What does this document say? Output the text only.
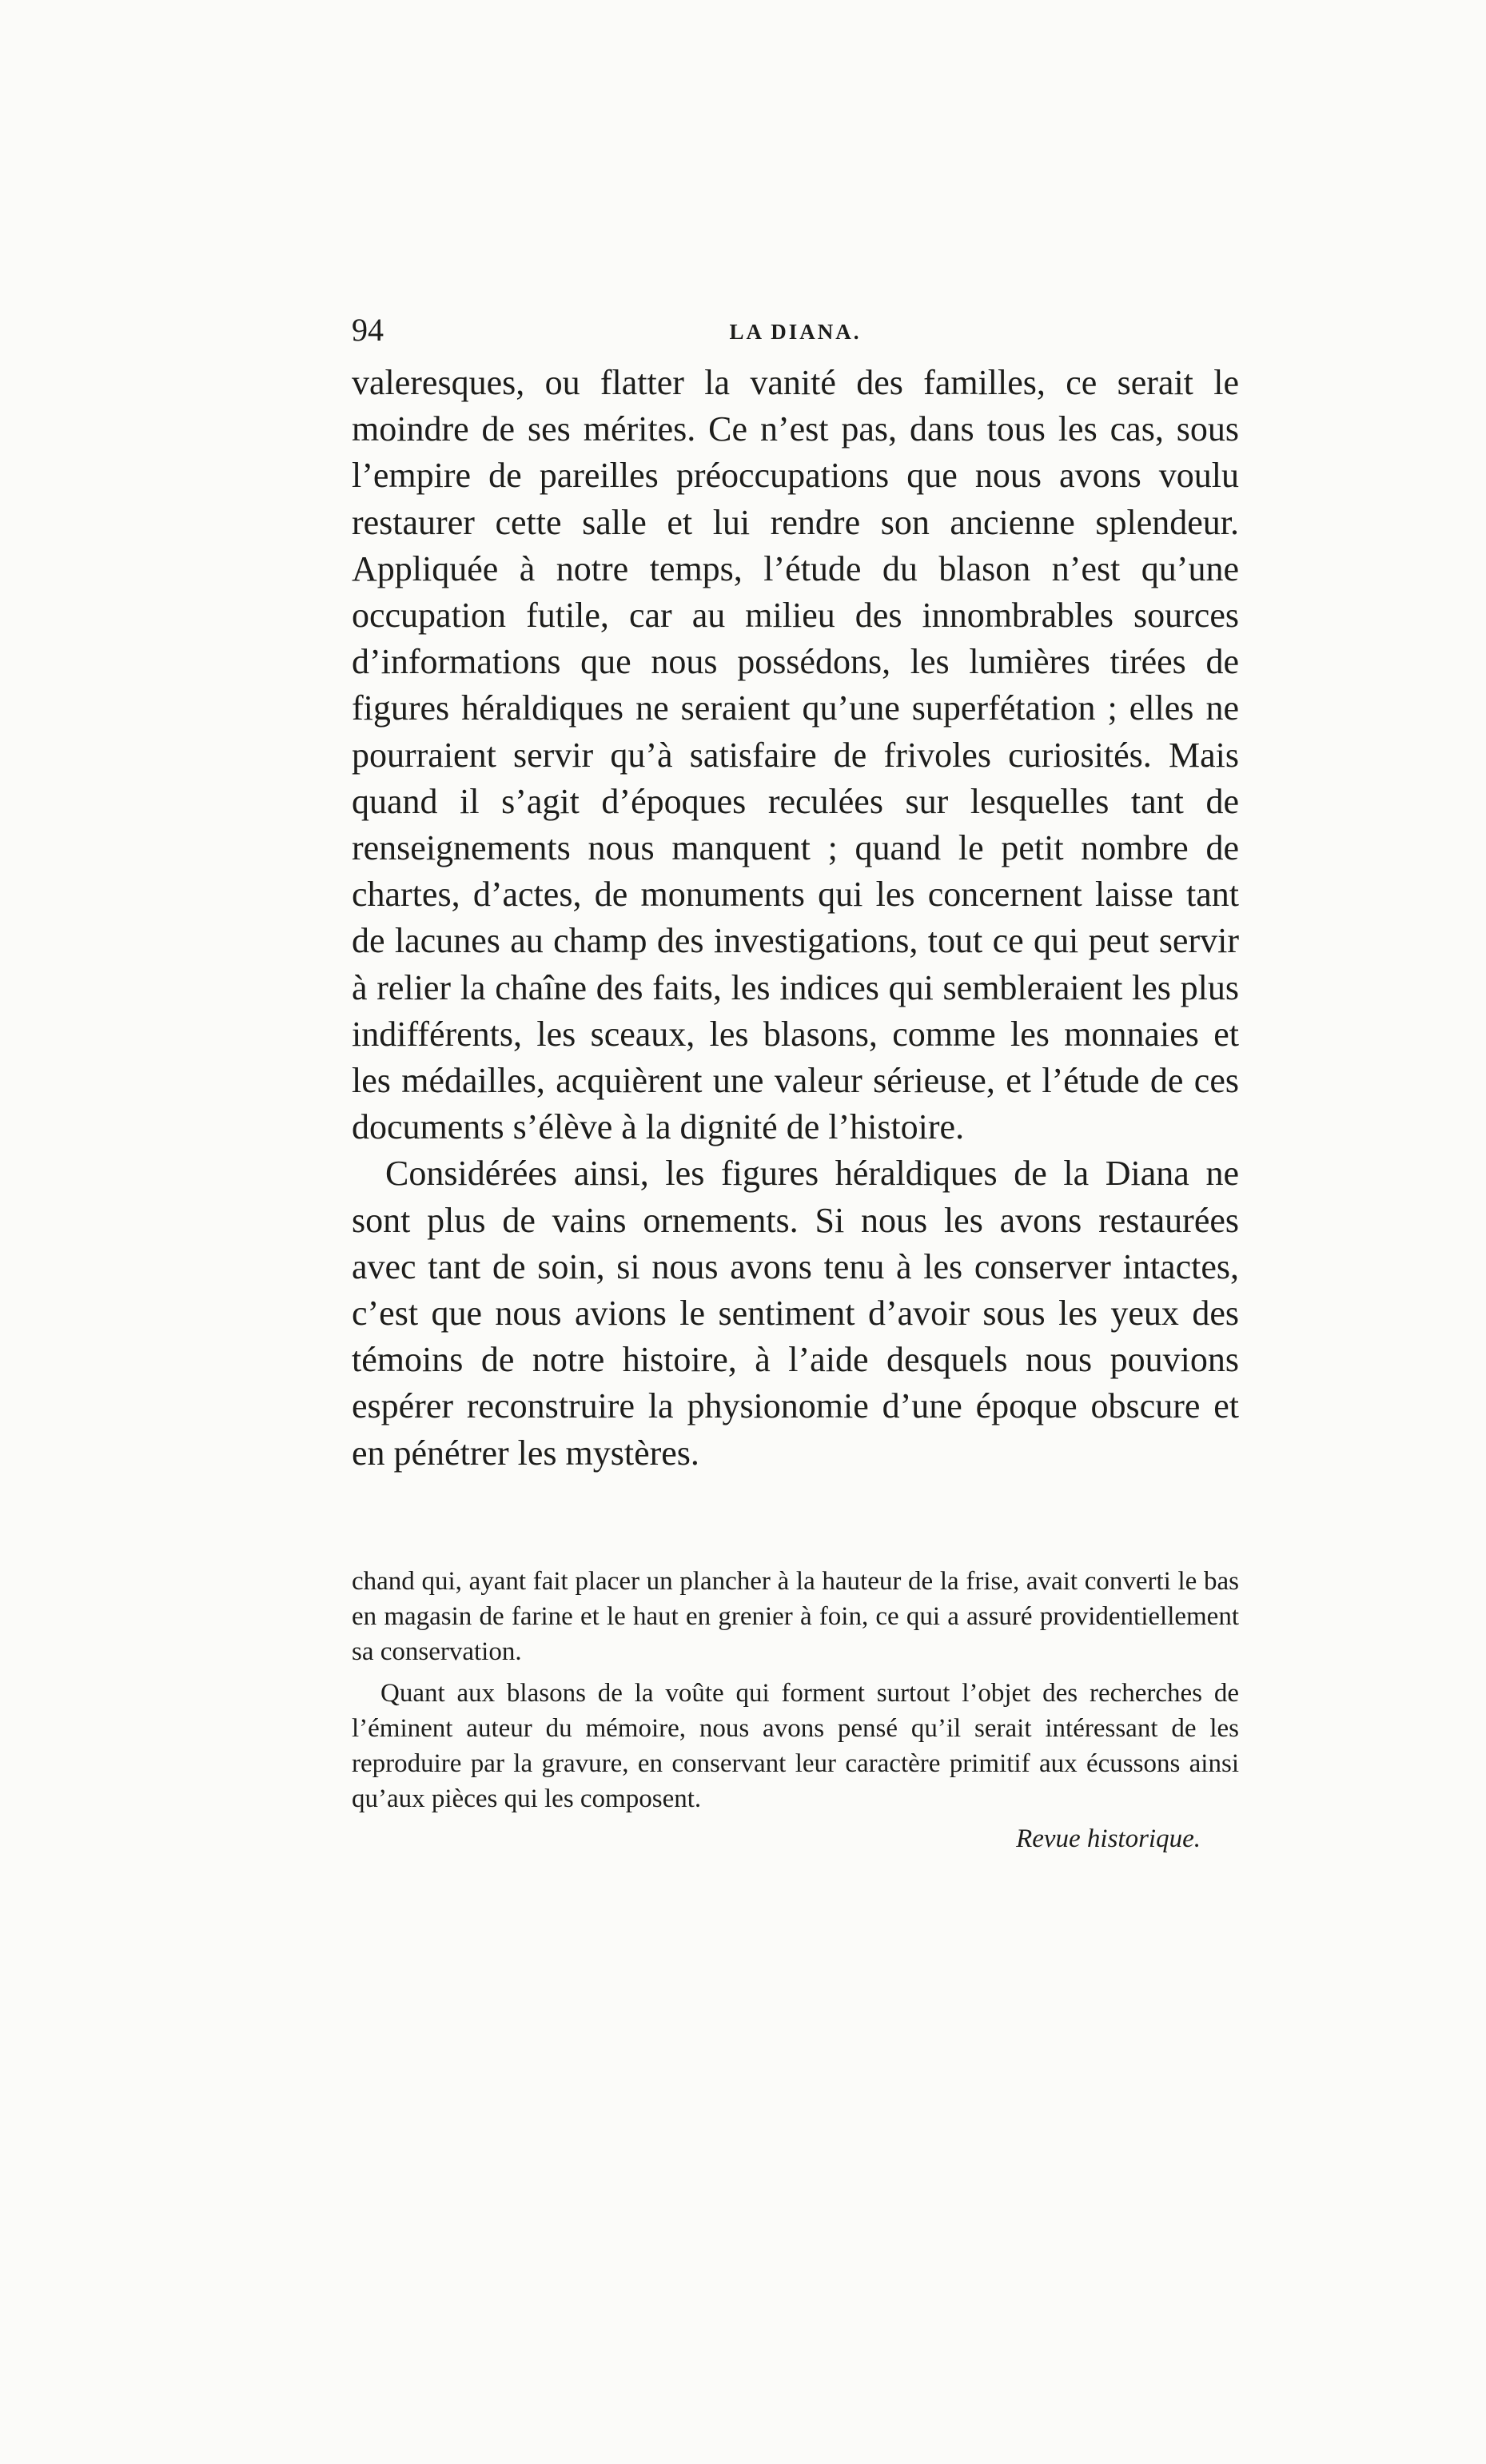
94	LA DIANA.

valeresques, ou flatter la vanité des familles, ce serait le moindre de ses mérites. Ce n’est pas, dans tous les cas, sous l’empire de pareilles préoccupations que nous avons voulu restaurer cette salle et lui rendre son ancienne splendeur. Appliquée à notre temps, l’étude du blason n’est qu’une occupation futile, car au milieu des innombrables sources d’informations que nous possédons, les lumières tirées de figures héraldiques ne seraient qu’une superfétation ; elles ne pourraient servir qu’à satisfaire de frivoles curiosités. Mais quand il s’agit d’époques reculées sur lesquelles tant de renseignements nous manquent ; quand le petit nombre de chartes, d’actes, de monuments qui les concernent laisse tant de lacunes au champ des investigations, tout ce qui peut servir à relier la chaîne des faits, les indices qui sembleraient les plus indifférents, les sceaux, les blasons, comme les monnaies et les médailles, acquièrent une valeur sérieuse, et l’étude de ces documents s’élève à la dignité de l’histoire.

Considérées ainsi, les figures héraldiques de la Diana ne sont plus de vains ornements. Si nous les avons restaurées avec tant de soin, si nous avons tenu à les conserver intactes, c’est que nous avions le sentiment d’avoir sous les yeux des témoins de notre histoire, à l’aide desquels nous pouvions espérer reconstruire la physionomie d’une époque obscure et en pénétrer les mystères.

chand qui, ayant fait placer un plancher à la hauteur de la frise, avait converti le bas en magasin de farine et le haut en grenier à foin, ce qui a assuré providentiellement sa conservation.

Quant aux blasons de la voûte qui forment surtout l’objet des recherches de l’éminent auteur du mémoire, nous avons pensé qu’il serait intéressant de les reproduire par la gravure, en conservant leur caractère primitif aux écussons ainsi qu’aux pièces qui les composent.

Revue historique.
